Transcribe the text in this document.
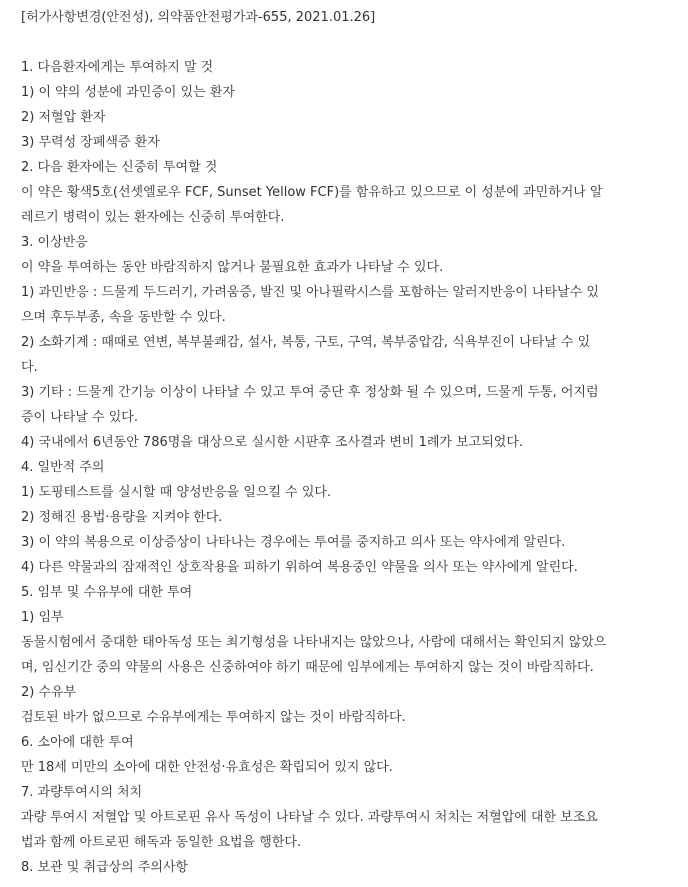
[허가사항변경(안전성), 의약품안전평가과-655, 2021.01.26]
1. 다음환자에게는 투여하지 말 것
1) 이 약의 성분에 과민증이 있는 환자
2) 저혈압 환자
3) 무력성 장폐색증 환자
2. 다음 환자에는 신중히 투여할 것
이 약은 황색5호(선셋엘로우 FCF, Sunset Yellow FCF)를 함유하고 있으므로 이 성분에 과민하거나 알
레르기 병력이 있는 환자에는 신중히 투여한다.
3. 이상반응
이 약을 투여하는 동안 바람직하지 않거나 불필요한 효과가 나타날 수 있다.
1) 과민반응 : 드물게 두드러기, 가려움증, 발진 및 아나필락시스를 포함하는 알러지반응이 나타날수 있
으며 후두부종, 속을 동반할 수 있다.
2) 소화기계 : 때때로 연변, 복부불쾌감, 설사, 복통, 구토, 구역, 복부중압감, 식욕부진이 나타날 수 있
다.
3) 기타 : 드물게 간기능 이상이 나타날 수 있고 투여 중단 후 정상화 될 수 있으며, 드물게 두통, 어지럼
증이 나타날 수 있다.
4) 국내에서 6년동안 786명을 대상으로 실시한 시판후 조사결과 변비 1례가 보고되었다.
4. 일반적 주의
1) 도핑테스트를 실시할 때 양성반응을 일으킬 수 있다.
2) 정해진 용법·용량을 지켜야 한다.
3) 이 약의 복용으로 이상증상이 나타나는 경우에는 투여를 중지하고 의사 또는 약사에게 알린다.
4) 다른 약물과의 잠재적인 상호작용을 피하기 위하여 복용중인 약물을 의사 또는 약사에게 알린다.
5. 임부 및 수유부에 대한 투여
1) 임부
동물시험에서 중대한 태아독성 또는 최기형성을 나타내지는 않았으나, 사람에 대해서는 확인되지 않았으
며, 임신기간 중의 약물의 사용은 신중하여야 하기 때문에 임부에게는 투여하지 않는 것이 바람직하다.
2) 수유부
검토된 바가 없으므로 수유부에게는 투여하지 않는 것이 바람직하다.
6. 소아에 대한 투여
만 18세 미만의 소아에 대한 안전성·유효성은 확립되어 있지 않다.
7. 과량투여시의 처치
과량 투여시 저혈압 및 아트로핀 유사 독성이 나타날 수 있다. 과량투여시 처치는 저혈압에 대한 보조요
법과 함께 아트로핀 해독과 동일한 요법을 행한다.
8. 보관 및 취급상의 주의사항
